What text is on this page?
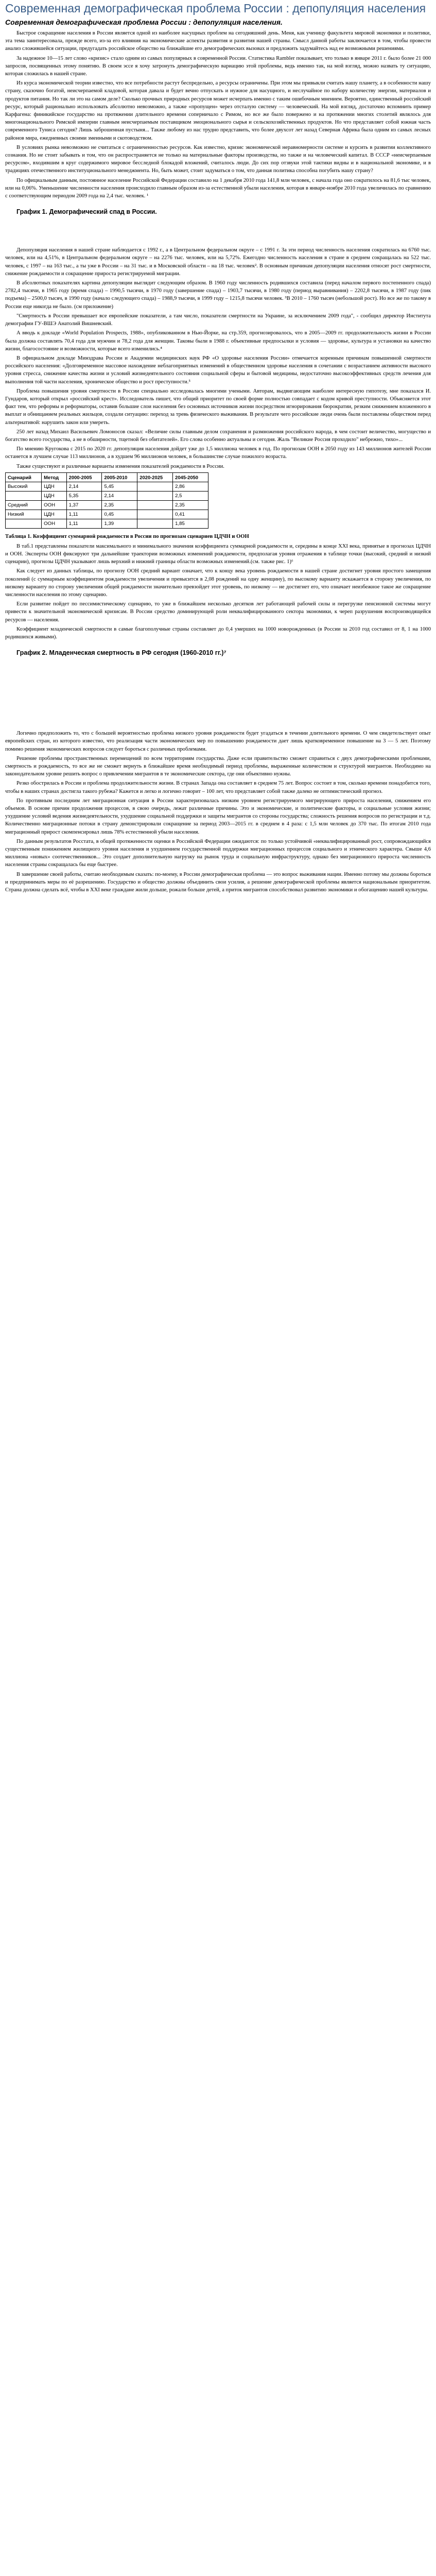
Современная демографическая проблема России : депопуляция населения
Современная демографическая проблема России : депопуляция населения.

Быстрое сокращение населения в России является одной из наиболее насущных проблем на сегодняшний день. Меня, как ученицу факультета мировой экономики и политики, эта тема заинтересовала, прежде всего, из-за его влияния на экономические аспекты развития и развития нашей страны. Смысл данной работы заключается в том, чтобы провести анализ сложившейся ситуации, предугадать российское общество на ближайшие его демографических вызовах и предложить задумайтесь над ее возможными решениями.

За надежное 10—15 лет слово «кризис» стало одним из самых популярных в современной России. Статистика Rambler показывает, что только в январе 2011 г. было более 21 000 запросов, посвященных этому понятию. В своем эссе я хочу затронуть демографическую вариацию этой проблемы, ведь именно так, на мой взгляд, можно назвать ту ситуацию, которая сложилась в нашей стране.

Из курса экономической теории известно, что все потребности растут беспредельно, а ресурсы ограничены. При этом мы привыкли считать нашу планету, а в особенности нашу страну, сказочно богатой, неисчерпаемой кладовой, которая давала и будет вечно отпускать и нужное для насущного, и неслучайное по набору количеству энергии, материалов и продуктов питания. Но так ли это на самом деле? Сколько прочных природных ресурсов может исчерпать именно с таким ошибочным мнением. Вероятно, единственный российский ресурс, который рационально использовать абсолютно невозможно, а также «пропущен» через отсталую систему — человеческий. На мой взгляд, достаточно вспомнить пример Карфагена: финикийское государство на протяжении длительного времени соперничало с Римом, но все же было повержено и на протяжении многих столетий являлось для многонационального Римской империи главным неисчерпаемым поставщиком эмоционального сырья и сельскохозяйственных продуктов. Но что представляет собой южная часть современного Туниса сегодня? Лишь заброшенная пустыня... Также любому из нас трудно представить, что более двухсот лет назад Северная Африка была одним из самых лесных районов мира, ежедневных своими змеиными и скотоводством.

В условиях рынка невозможно не считаться с ограниченностью ресурсов. Как известно, кризис экономической неравномерности системе и курсить в развитии коллективного сознания. Но не стоит забывать и том, что он распространяется не только на материальные факторы производства, но также и на человеческий капитал. В СССР «неисчерпаемым ресурсом», входившим в круг содержимого мировое бесследной блокадой вложений, считалось люди. До сих пор отзвуки этой тактики видны и в национальной экономике, и в традициях отечественного институционального менеджмента. Но, быть может, стоит задуматься о том, что данная политика способна погубить нашу страну?

По официальным данным, постоянное население Российской Федерации составило на 1 декабря 2010 года 141,8 млн человек, с начала года оно сократилось на 81,6 тыс человек, или на 0,06%. Уменьшение численности населения происходило главным образом из-за естественной убыли населения, которая в январе-ноябре 2010 года увеличилась по сравнению с соответствующим периодом 2009 года на 2,4 тыс. человек. ¹

График 1. Демографический спад в России.

Депопуляция населения в нашей стране наблюдается с 1992 г., а в Центральном федеральном округе – с 1991 г. За эти период численность населения сократилась на 6760 тыс. человек, или на 4,51%, в Центральном федеральном округе – на 2276 тыс. человек, или на 5,72%. Ежегодно численность населения в стране в среднем сокращалась на 522 тыс. человек, с 1997 – на 163 тыс., а ты уже в России – на 31 тыс. и в Московской области – на 18 тыс. человек². В основным причинам депопуляции населения относят рост смертности, снижение рождаемости и сокращение прироста регистрируемой миграции.

В абсолютных показателях картина депопуляции выглядит следующим образом. В 1960 году численность родившихся составила (перед началом первого постепенного спада) 2782,4 тысячи, в 1965 году (время спада) – 1990,5 тысячи, в 1970 году (завершение спада) – 1903,7 тысячи, в 1980 году (период выравнивания) – 2202,8 тысячи, в 1987 году (пик подъема) – 2500,0 тысяч, в 1990 году (начало следующего спада) – 1988,9 тысячи, в 1999 году – 1215,8 тысячи человек. ³В 2010 – 1760 тысяч (небольшой рост). Но все же по такому в России еще никогда не было. (см приложение)

"Смертность в России превышает все европейские показатели, а там число, показатели смертности на Украине, за исключением 2009 года", - сообщил директор Института демографии ГУ-ВШЭ Анатолий Вишневский.

А вводь к докладе «World Population Prospects, 1988», опубликованном в Нью-Йорке, на стр.359, прогнозировалось, что в 2005—2009 гг. продолжительность жизни в России была должна составлять 70,4 года для мужчин и 78,2 года для женщин. Таковы были в 1988 г. объективные предпосылки и условия — здоровье, культура и установки на качество жизни, благосостояние и возможности, которые всего изменились.⁴

В официальном докладе Минздрава России и Академии медицинских наук РФ «О здоровье населения России» отмечается коренным причинам повышенной смертности российского населения: «Долговременное массовое нахождение неблагоприятных изменений в общественном здоровье населения в сочетании с возрастанием активности высокого уровня стресса, снижение качества жизни и условий жизнедеятельного состояния социальной сферы и бытовой медицины, недостаточно высокоэффективных средств лечения для выполнения той части населения, хроническое общество и рост преступности.⁵

Проблема повышения уровня смертности в России специально исследовалась многими учеными. Авторам, выдвигающим наиболее интересную гипотезу, мне показался И. Гундаров, который открыл «российский крест». Исследователь пишет, что общий приоритет по своей форме полностью совпадает с кодом кривой преступности. Объясняется этот факт тем, что реформы и реформаторы, оставив большие слои населения без основных источников жизни посредством игнорирования бюрократии, резким снижением вложенного в выплат и обнищанием реальных жильцов, создали ситуацию: переход за тревь физического выживания. В результате чего российские люди очень были поставлены обществом перед альтернативой: нарушить закон или умереть.

250 лет назад Михаил Васильевич Ломоносов сказал: «Величие силы главным делом сохранения и размножения российского народа, в чем состоит величество, могущество и богатство всего государства, а не в обширности, тщетной без обитателей». Его слова особенно актуальны и сегодня. Жаль "Великие Россия проходило" небрежно, тихо»...

По мнению Кругокова с 2015 по 2020 гг. депопуляция населения дойдет уже до 1,5 миллиона человек в год. По прогнозам ООН в 2050 году из 143 миллионов жителей России останется в лучшем случае 113 миллионов, а в худшем 96 миллионов человек, в большинстве случае пожилого возраста.

Также существуют и различные варианты изменения показателей рождаемости в России.

Сценарий	Метод	2000-2005	2005-2010	2020-2025	2045-2050
Высокий	ЦДН	2,14	5,45		2,86
	ЦДН	5,35	2,14		2,5
Средний	ООН	1,37	2,35		2,35
Низкий	ЦДН	1,11	0,45		0,41
	ООН	1,11	1,39		1,85
Таблица 1. Коэффициент суммарной рождаемости в России по прогнозам сценариев ЦДЧН и ООН

В таб.1 представлены показатели максимального и минимального значения коэффициента суммарной рождаемости и, середины в конце XXI века, принятые в прогнозах ЦДЧН и ООН. Эксперты ООН фиксируют три дальнейшие траектории возможных изменений рождаемости, предполагая уровня отражения в таблице точки (высокий, средний и низкий сценарии), прогнозы ЦДЧН указывают лишь верхний и нижний границы области возможных изменений.(см. также рис. 1)⁶

Как следует из данных таблицы, по прогнозу ООН средний вариант означает, что к концу века уровень рождаемости в нашей стране достигнет уровня простого замещения поколений (с суммарным коэффициентом рождаемости увеличения и превысится в 2,08 рождений на одну женщину), по высокому варианту искажается в сторону увеличения, по низкому варианту по сторону увеличения общей рождаемости значительно превзойдет этот уровень, по низкому — не достигнет его, что означает неизбежное такое же сокращение численности населения по этому сценарию.

Если развитие пойдет по пессимистическому сценарию, то уже в ближайшем несколько десятков лет работающей рабочей силы и перегрузке пенсионной системы могут привести к значительной экономической кризисам. В России средство доминирующей роли неквалифицированного сектора экономики, к череп разрушения воспроизводящейся ресурсов — населения.

Коэффициент младенческой смертности в самые благополучные страны составляет до 0,4 умерших на 1000 новорожденных (в России за 2010 год составил от 8, 1 на 1000 родившихся живыми).

График 2. Младенческая смертность в РФ сегодня (1960-2010 гг.)⁷

Логично предположить то, что с большей вероятностью проблема низкого уровня рождаемости будет угадаться в течении длительного времени. О чем свидетельствует опыт европейских стран, из которого известно, что реализация части экономических мер по повышению рождаемости дает лишь кратковременное повышение на 3 — 5 лет. Поэтому помимо решения экономических вопросов следует бороться с различных проблемами.

Решение проблемы пространственных перемещений по всем территориям государства. Даже если правительство сможет справиться с двух демографическими проблемами, смертность и рождаемость, то все же не сможет вернуть в ближайшее время необходимый период проблемы, выраженные количеством и структурой мигрантов. Необходимо на законодательном уровне решить вопрос о привлечении мигрантов в те экономические сектора, где они объективно нужны.

Резко обострилась в России и проблема продолжительности жизни. В странах Запада она составляет в среднем 75 лет. Вопрос состоит в том, сколько времени понадобится того, чтобы в наших странах достигла такого рубежа? Кажется и легко и логично говорит – 100 лет, что представляет собой также далеко не оптимистический прогноз.

По противным последним лет миграционная ситуация в России характеризовалась низким уровнем регистрируемого мигрирующего прироста населения, снижением его объемов. В основе причин продолжения процессов, в свою очередь, лежат различные причины. Это и экономические, и политические факторы, и социальные условия жизни; ухудшение условий ведения жизнедеятельности, ухудшение социальной поддержки и защиты мигрантов со стороны государства; сложность решения вопросов по регистрации и т.д. Количественно миграционные потоки в страну демонстрировали сокращение за период 2003—2015 гг. в среднем в 4 раза: с 1,5 млн человек до 370 тыс. По итогам 2010 года миграционный прирост скомпенсировал лишь 78% естественной убыли населения.

По данным результатов Росстата, в общей протяженности оценки в Российской Федерации ожидаются: по только устойчивой «неквалифицированный рост, сопровождающийся существенным понижением жилищного уровня населения и ухудшением государственной поддержки миграционных процессов социального и этнического характера. Свыше 4,6 миллиона «новых» соотечественников... Это создает дополнительную нагрузку на рынок труда и социальную инфраструктуру, однако без миграционного прироста численность населения страны сокращалась бы еще быстрее.

В завершение своей работы, считаю необходимым сказать: по-моему, в России демографическая проблема — это вопрос выживания нации. Именно потому мы должны бороться и предпринимать меры по её разрешению. Государство и общество должны объединить свои усилия, а решение демографической проблемы является национальным приоритетом. Страна должна сделать всё, чтобы в XXI веке граждане жили дольше, рожали больше детей, а приток мигрантов способствовал развитию экономики и обогащению нашей культуры.
